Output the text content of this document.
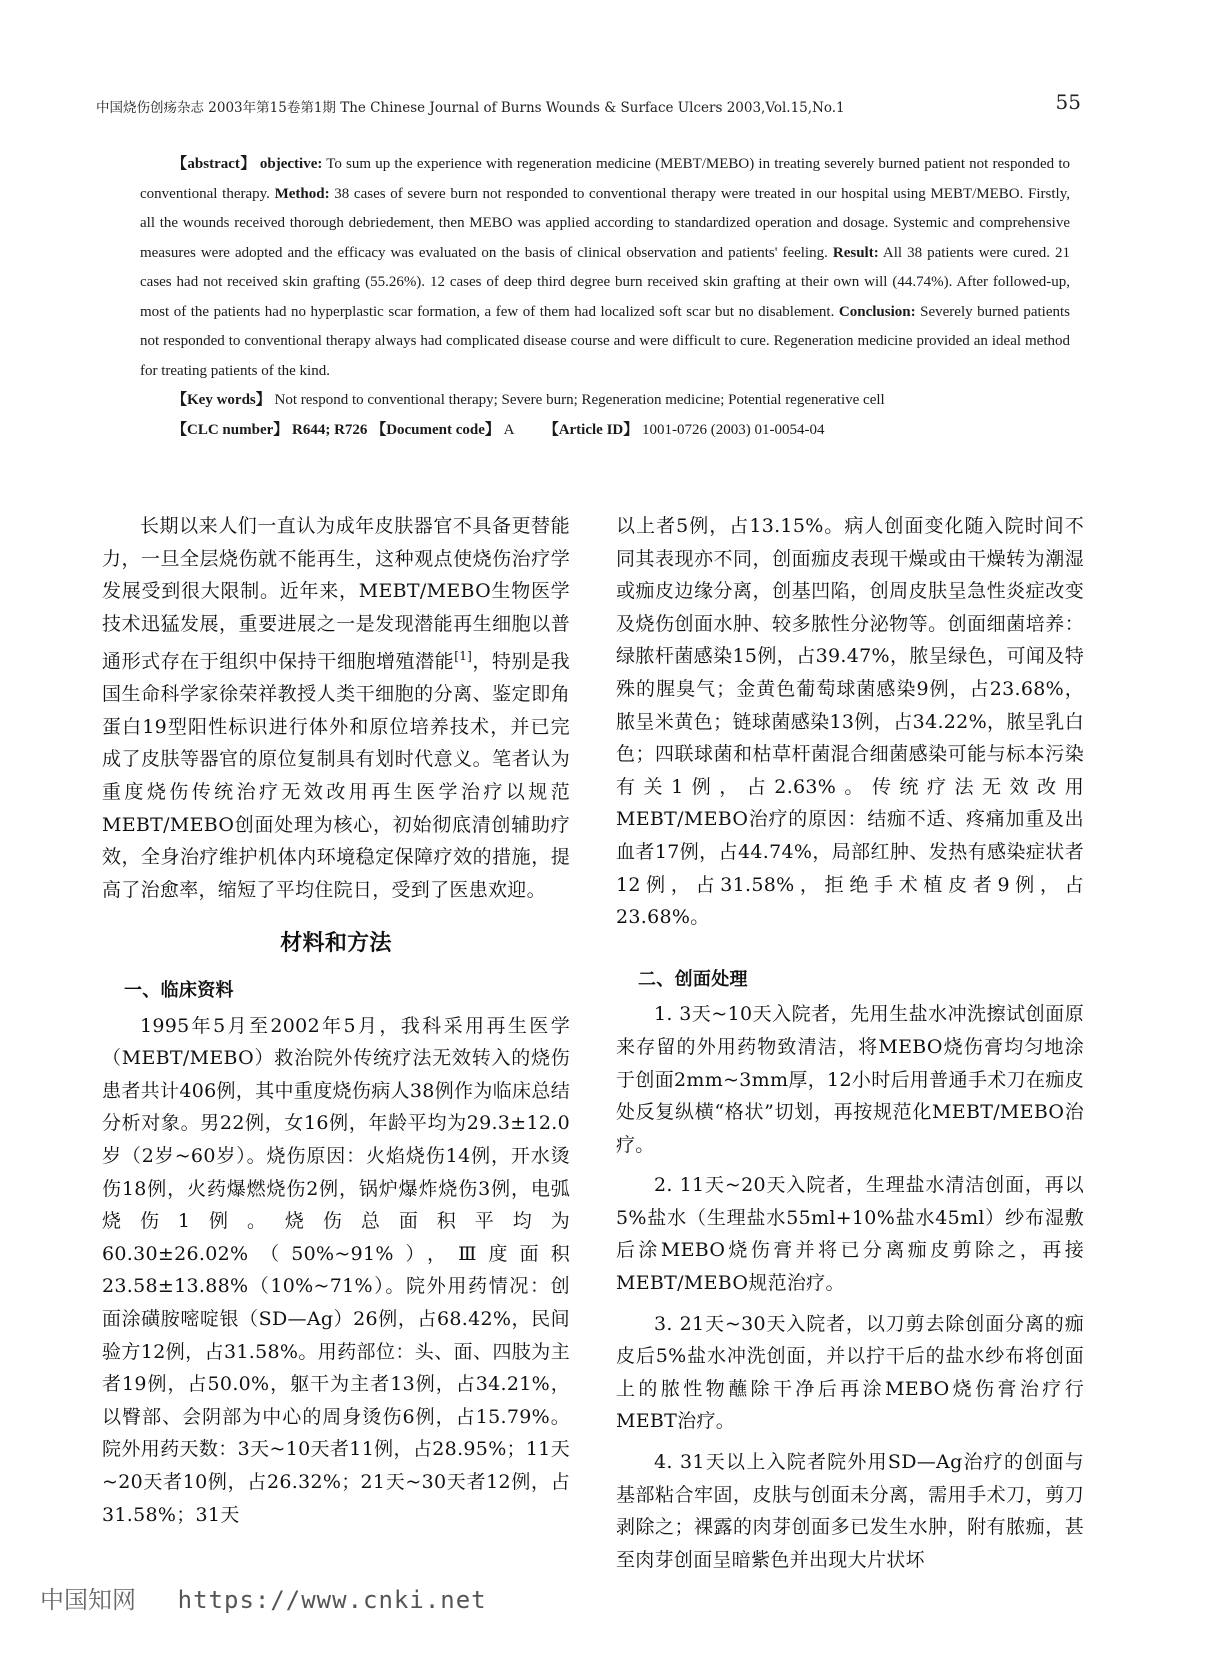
中国烧伤创疡杂志 2003年第15卷第1期 The Chinese Journal of Burns Wounds & Surface Ulcers 2003,Vol.15,No.1	55

【abstract】 objective: To sum up the experience with regeneration medicine (MEBT/MEBO) in treating severely burned patient not responded to conventional therapy. Method: 38 cases of severe burn not responded to conventional therapy were treated in our hospital using MEBT/MEBO. Firstly, all the wounds received thorough debriedement, then MEBO was applied according to standardized operation and dosage. Systemic and comprehensive measures were adopted and the efficacy was evaluated on the basis of clinical observation and patients' feeling. Result: All 38 patients were cured. 21 cases had not received skin grafting (55.26%). 12 cases of deep third degree burn received skin grafting at their own will (44.74%). After followed-up, most of the patients had no hyperplastic scar formation, a few of them had localized soft scar but no disablement. Conclusion: Severely burned patients not responded to conventional therapy always had complicated disease course and were difficult to cure. Regeneration medicine provided an ideal method for treating patients of the kind.

【Key words】 Not respond to conventional therapy; Severe burn; Regeneration medicine; Potential regenerative cell

【CLC number】 R644; R726 【Document code】 A 【Article ID】 1001-0726 (2003) 01-0054-04

长期以来人们一直认为成年皮肤器官不具备更替能力，一旦全层烧伤就不能再生，这种观点使烧伤治疗学发展受到很大限制。近年来，MEBT/MEBO生物医学技术迅猛发展，重要进展之一是发现潜能再生细胞以普通形式存在于组织中保持干细胞增殖潜能[1]，特别是我国生命科学家徐荣祥教授人类干细胞的分离、鉴定即角蛋白19型阳性标识进行体外和原位培养技术，并已完成了皮肤等器官的原位复制具有划时代意义。笔者认为重度烧伤传统治疗无效改用再生医学治疗以规范MEBT/MEBO创面处理为核心，初始彻底清创辅助疗效，全身治疗维护机体内环境稳定保障疗效的措施，提高了治愈率，缩短了平均住院日，受到了医患欢迎。

材料和方法
一、临床资料

1995年5月至2002年5月，我科采用再生医学（MEBT/MEBO）救治院外传统疗法无效转入的烧伤患者共计406例，其中重度烧伤病人38例作为临床总结分析对象。男22例，女16例，年龄平均为29.3±12.0岁（2岁~60岁）。烧伤原因：火焰烧伤14例，开水烫伤18例，火药爆燃烧伤2例，锅炉爆炸烧伤3例，电弧烧伤1例。烧伤总面积平均为60.30±26.02%（50%~91%），Ⅲ度面积23.58±13.88%（10%~71%）。院外用药情况：创面涂磺胺嘧啶银（SD—Ag）26例，占68.42%，民间验方12例，占31.58%。用药部位：头、面、四肢为主者19例，占50.0%，躯干为主者13例，占34.21%，以臀部、会阴部为中心的周身烫伤6例，占15.79%。院外用药天数：3天~10天者11例，占28.95%；11天~20天者10例，占26.32%；21天~30天者12例，占31.58%；31天

以上者5例，占13.15%。病人创面变化随入院时间不同其表现亦不同，创面痂皮表现干燥或由干燥转为潮湿或痂皮边缘分离，创基凹陷，创周皮肤呈急性炎症改变及烧伤创面水肿、较多脓性分泌物等。创面细菌培养：绿脓杆菌感染15例，占39.47%，脓呈绿色，可闻及特殊的腥臭气；金黄色葡萄球菌感染9例，占23.68%，脓呈米黄色；链球菌感染13例，占34.22%，脓呈乳白色；四联球菌和枯草杆菌混合细菌感染可能与标本污染有关1例，占2.63%。传统疗法无效改用MEBT/MEBO治疗的原因：结痂不适、疼痛加重及出血者17例，占44.74%，局部红肿、发热有感染症状者12例，占31.58%，拒绝手术植皮者9例，占23.68%。

二、创面处理

1. 3天~10天入院者，先用生盐水冲洗擦试创面原来存留的外用药物致清洁，将MEBO烧伤膏均匀地涂于创面2mm~3mm厚，12小时后用普通手术刀在痂皮处反复纵横“格状”切划，再按规范化MEBT/MEBO治疗。

2. 11天~20天入院者，生理盐水清洁创面，再以5%盐水（生理盐水55ml+10%盐水45ml）纱布湿敷后涂MEBO烧伤膏并将已分离痂皮剪除之，再接MEBT/MEBO规范治疗。

3. 21天~30天入院者，以刀剪去除创面分离的痂皮后5%盐水冲洗创面，并以拧干后的盐水纱布将创面上的脓性物蘸除干净后再涂MEBO烧伤膏治疗行MEBT治疗。

4. 31天以上入院者院外用SD—Ag治疗的创面与基部粘合牢固，皮肤与创面未分离，需用手术刀，剪刀剥除之；裸露的肉芽创面多已发生水肿，附有脓痂，甚至肉芽创面呈暗紫色并出现大片状坏

中国知网 https://www.cnki.net
